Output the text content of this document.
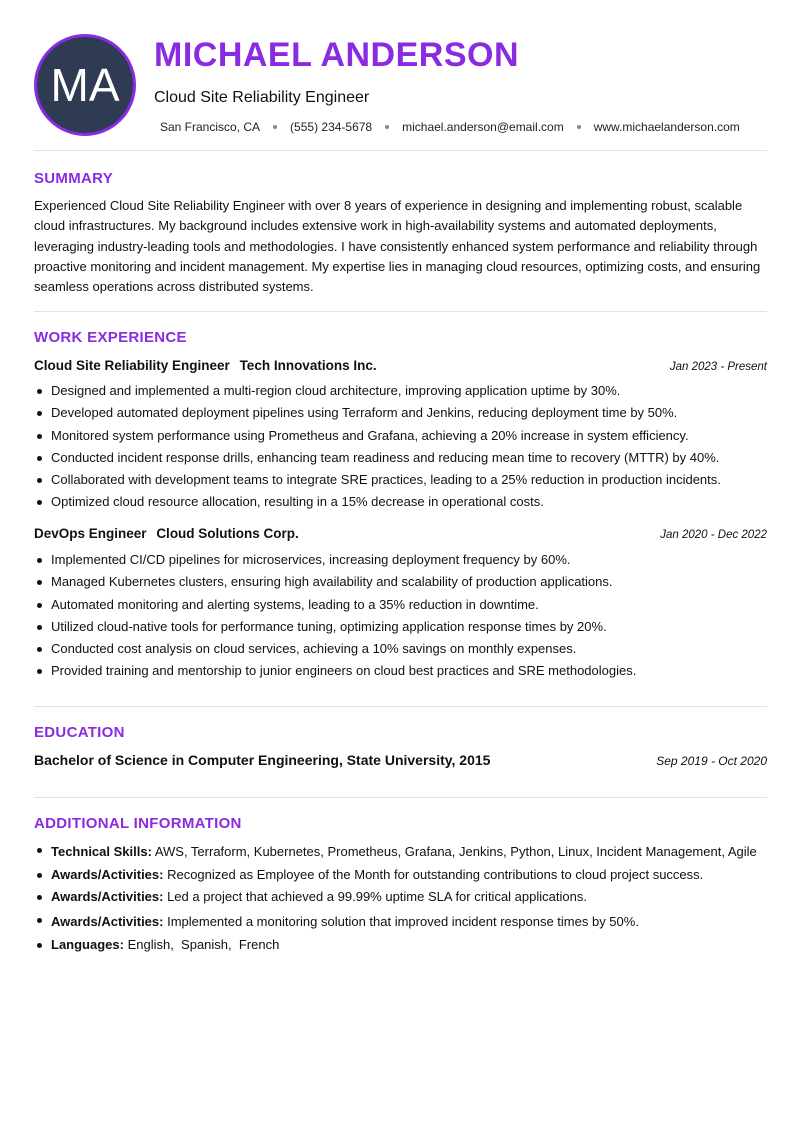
MA
MICHAEL ANDERSON
Cloud Site Reliability Engineer
San Francisco, CA	(555) 234-5678	michael.anderson@email.com	www.michaelanderson.com
SUMMARY

Experienced Cloud Site Reliability Engineer with over 8 years of experience in designing and implementing robust, scalable cloud infrastructures. My background includes extensive work in high-availability systems and automated deployments, leveraging industry-leading tools and methodologies. I have consistently enhanced system performance and reliability through proactive monitoring and incident management. My expertise lies in managing cloud resources, optimizing costs, and ensuring seamless operations across distributed systems.

WORK EXPERIENCE
Cloud Site Reliability Engineer Tech Innovations Inc.	Jan 2023 - Present
Designed and implemented a multi-region cloud architecture, improving application uptime by 30%.
Developed automated deployment pipelines using Terraform and Jenkins, reducing deployment time by 50%.
Monitored system performance using Prometheus and Grafana, achieving a 20% increase in system efficiency.
Conducted incident response drills, enhancing team readiness and reducing mean time to recovery (MTTR) by 40%.
Collaborated with development teams to integrate SRE practices, leading to a 25% reduction in production incidents.
Optimized cloud resource allocation, resulting in a 15% decrease in operational costs.
DevOps Engineer Cloud Solutions Corp.	Jan 2020 - Dec 2022
Implemented CI/CD pipelines for microservices, increasing deployment frequency by 60%.
Managed Kubernetes clusters, ensuring high availability and scalability of production applications.
Automated monitoring and alerting systems, leading to a 35% reduction in downtime.
Utilized cloud-native tools for performance tuning, optimizing application response times by 20%.
Conducted cost analysis on cloud services, achieving a 10% savings on monthly expenses.
Provided training and mentorship to junior engineers on cloud best practices and SRE methodologies.
EDUCATION
Bachelor of Science in Computer Engineering, State University, 2015	Sep 2019 - Oct 2020
ADDITIONAL INFORMATION
Technical Skills: AWS, Terraform, Kubernetes, Prometheus, Grafana, Jenkins, Python, Linux, Incident Management, Agile
Awards/Activities: Recognized as Employee of the Month for outstanding contributions to cloud project success.
Awards/Activities: Led a project that achieved a 99.99% uptime SLA for critical applications.
Awards/Activities: Implemented a monitoring solution that improved incident response times by 50%.
Languages: English,  Spanish,  French
